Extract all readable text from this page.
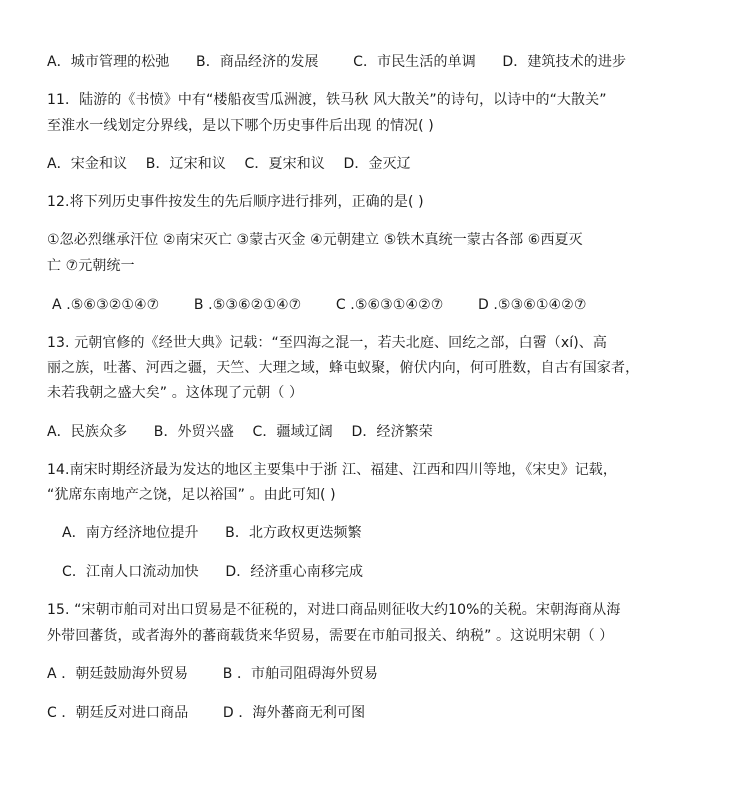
A．城市管理的松弛 B．商品经济的发展 C．市民生活的单调 D．建筑技术的进步
11．陆游的《书愤》中有“楼船夜雪瓜洲渡，铁马秋 风大散关”的诗句，以诗中的“大散关”
至淮水一线划定分界线，是以下哪个历史事件后出现 的情况( )
A．宋金和议 B．辽宋和议 C．夏宋和议 D．金灭辽
12.将下列历史事件按发生的先后顺序进行排列，正确的是( )
①忽必烈继承汗位 ②南宋灭亡 ③蒙古灭金 ④元朝建立 ⑤铁木真统一蒙古各部 ⑥西夏灭
亡 ⑦元朝统一
A .⑤⑥③②①④⑦ B .⑤③⑥②①④⑦ C .⑤⑥③①④②⑦ D .⑤③⑥①④②⑦
13. 元朝官修的《经世大典》记载：“至四海之混一，若夫北庭、回纥之部，白霫（xí)、高
丽之族，吐蕃、河西之疆，天竺、大理之域，蜂屯蚁聚，俯伏内向，何可胜数，自古有国家者，
未若我朝之盛大矣” 。这体现了元朝（ ）
A．民族众多 B．外贸兴盛 C．疆域辽阔 D．经济繁荣
14.南宋时期经济最为发达的地区主要集中于浙 江、福建、江西和四川等地，《宋史》记载，
“犹席东南地产之饶，足以裕国” 。由此可知( )
A．南方经济地位提升 B．北方政权更迭频繁
C．江南人口流动加快 D．经济重心南移完成
15. “宋朝市舶司对出口贸易是不征税的，对进口商品则征收大约10%的关税。宋朝海商从海
外带回蕃货，或者海外的蕃商载货来华贸易，需要在市舶司报关、纳税” 。这说明宋朝（ ）
A ．朝廷鼓励海外贸易 B ．市舶司阻碍海外贸易
C ．朝廷反对进口商品 D ．海外蕃商无利可图
